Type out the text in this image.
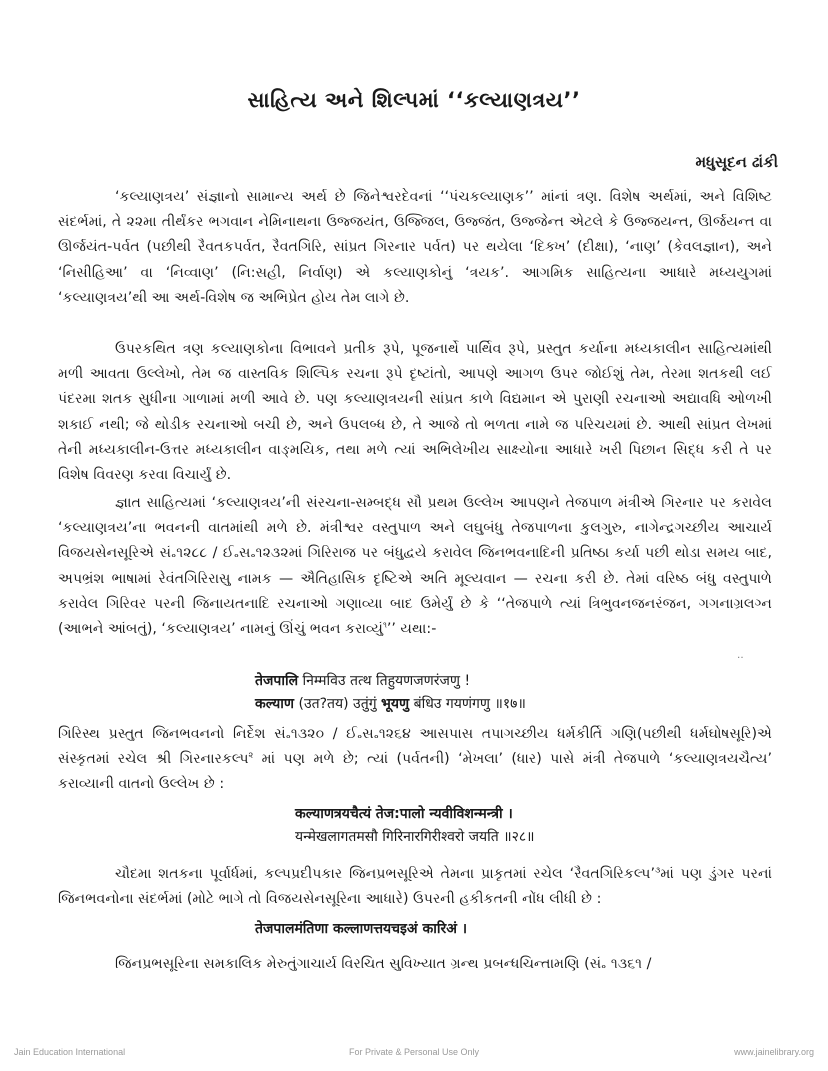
સાહિત્ય અને શિલ્પમાં ‘‘કલ્યાણત્રય’’
મધુસૂદન ઢાંકી

‘કલ્યાણત્રય’ સંજ્ઞાનો સામાન્ય અર્થ છે જિનેશ્વરદેવનાં ‘‘પંચકલ્યાણક’’ માંનાં ત્રણ. વિશેષ અર્થમાં, અને વિશિષ્ટ સંદર્ભમાં, તે ૨૨મા તીર્થંકર ભગવાન નેમિનાથના ઉજ્જયંત, ઉજ્જિલ, ઉજ્જંત, ઉજ્જેન્ત એટલે કે ઉજ્જયન્ત, ઊર્જયન્ત વા ઊર્જયંત-પર્વત (પછીથી રૈવતકપર્વત, રૈવતગિરિ, સાંપ્રત ગિરનાર પર્વત) પર થયેલા ‘દિક્ખ’ (દીક્ષા), ‘નાણ’ (કેવલજ્ઞાન), અને ‘નિસીહિઆ’ વા ‘નિવ્વાણ’ (નિ:સહી, નિર્વાણ) એ કલ્યાણકોનું ‘ત્રયક’. આગમિક સાહિત્યના આધારે મધ્યયુગમાં ‘કલ્યાણત્રય’થી આ અર્થ-વિશેષ જ અભિપ્રેત હોય તેમ લાગે છે.

ઉપરકથિત ત્રણ કલ્યાણકોના વિભાવને પ્રતીક રૂપે, પૂજનાર્થે પાર્થિવ રૂપે, પ્રસ્તુત કર્યાના મધ્યકાલીન સાહિત્યમાંથી મળી આવતા ઉલ્લેખો, તેમ જ વાસ્તવિક શિલ્પિક રચના રૂપે દૃષ્ટાંતો, આપણે આગળ ઉપર જોઈશું તેમ, તેરમા શતકથી લઈ પંદરમા શતક સુધીના ગાળામાં મળી આવે છે. પણ કલ્યાણત્રયની સાંપ્રત કાળે વિદ્યમાન એ પુરાણી રચનાઓ અદ્યાવધિ ઓળખી શકાઈ નથી; જે થોડીક રચનાઓ બચી છે, અને ઉપલબ્ધ છે, તે આજે તો ભળતા નામે જ પરિચયમાં છે. આથી સાંપ્રત લેખમાં તેની મધ્યકાલીન-ઉત્તર મધ્યકાલીન વાઙ્મયિક, તથા મળે ત્યાં અભિલેખીય સાક્ષ્યોના આધારે ખરી પિછાન સિદ્ધ કરી તે પર વિશેષ વિવરણ કરવા વિચાર્યું છે.

જ્ઞાત સાહિત્યમાં ‘કલ્યાણત્રય’ની સંરચના-સમ્બદ્ધ સૌ પ્રથમ ઉલ્લેખ આપણને તેજપાળ મંત્રીએ ગિરનાર પર કરાવેલ ‘કલ્યાણત્રય’ના ભવનની વાતમાંથી મળે છે. મંત્રીશ્વર વસ્તુપાળ અને લઘુબંધુ તેજપાળના કુલગુરુ, નાગેન્દ્રગચ્છીય આચાર્ય વિજયસેનસૂરિએ સં૰૧૨૮૮ / ઈ૰સ૰૧૨૩૨માં ગિરિરાજ પર બંધુદ્વયે કરાવેલ જિનભવનાદિની પ્રતિષ્ઠા કર્યા પછી થોડા સમય બાદ, અપભ્રંશ ભાષામાં રેવંતગિરિરાસુ નામક — ઐતિહાસિક દૃષ્ટિએ અતિ મૂલ્યવાન — રચના કરી છે. તેમાં વરિષ્ઠ બંધુ વસ્તુપાળે કરાવેલ ગિરિવર પરની જિનાયતનાદિ રચનાઓ ગણાવ્યા બાદ ઉમેર્યું છે કે ‘‘તેજપાળે ત્યાં ત્રિભુવનજનરંજન, ગગનાગ્રલગ્ન (આભને આંબતું), ‘કલ્યાણત્રય’ નામનું ઊંચું ભવન કરાવ્યું$^૧$’’ યથા:-

‥
तेजपालि निम्मविउ तत्थ तिहुयणजणरंजणु !
कल्याण (उत?तय) उतुंगुं भूयणु बंधिउ गयणंगणु ॥१७॥

ગિરિસ્થ પ્રસ્તુત જિનભવનનો નિર્દેશ સં૰૧૩૨૦ / ઈ૰સ૰૧૨૬૪ આસપાસ તપાગચ્છીય ધર્મકીર્તિ ગણિ(પછીથી ધર્મઘોષસૂરિ)એ સંસ્કૃતમાં રચેલ શ્રી ગિરનારકલ્પ$^૨$ માં પણ મળે છે; ત્યાં (પર્વતની) ‘મેખલા’ (ધાર) પાસે મંત્રી તેજપાળે ‘કલ્યાણત્રયચૈત્ય’ કરાવ્યાની વાતનો ઉલ્લેખ છે :

कल्याणत्रयचैत्यं तेज:पालो न्यवीविशन्मन्त्री ।
यन्मेखलागतमसौ गिरिनारगिरीश्वरो जयति ॥२८॥

ચૌદમા શતકના પૂર્વાર્ધમાં, કલ્પપ્રદીપકાર જિનપ્રભસૂરિએ તેમના પ્રાકૃતમાં રચેલ ‘રૈવતગિરિકલ્પ’$^૩$માં પણ ડુંગર પરનાં જિનભવનોના સંદર્ભમાં (મોટે ભાગે તો વિજયસેનસૂરિના આધારે) ઉપરની હકીકતની નોંધ લીધી છે :

तेजपालमंतिणा कल्लाणत्तयचइअं कारिअं ।

જિનપ્રભસૂરિના સમકાલિક મેરુતુંગાચાર્ય વિરચિત સુવિખ્યાત ગ્રન્થ પ્રબન્ધચિન્તામણિ (સં૰ ૧૩૬૧ /

Jain Education International	For Private & Personal Use Only	www.jainelibrary.org
